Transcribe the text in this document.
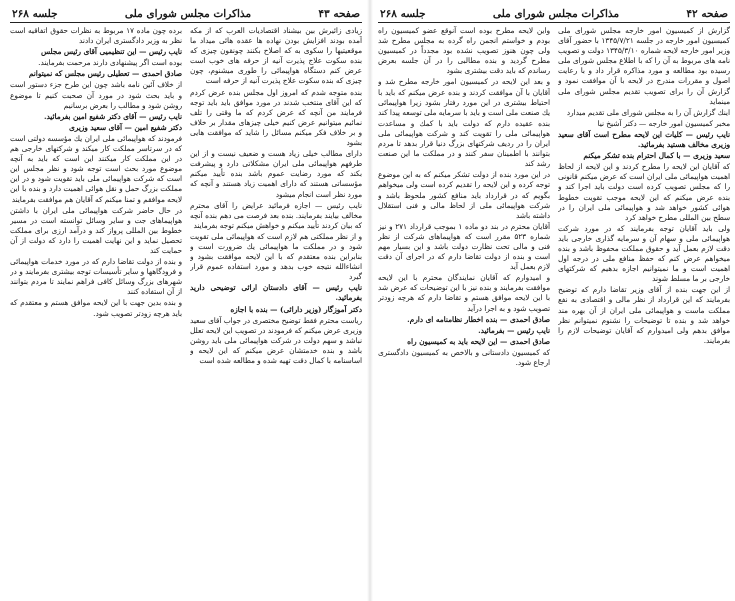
صفحه ۴۳
مذاكرات مجلس شوراى ملى
جلسه ۲۶۸

زيادى زائيرش بين بيشناد اقتصاديات العرب که از مکه آمده بودند افزايش بودن نهاده ها عقده هائی ميداد ما موقعيتيها را سکوى به که اصلاح بكنند چونقون چيزى که بنده سکوت علاج پذيرت آنيه از حرفه هاى خوب است عرض كنم دستگاه هواپيمائی را طورى ميشنوم، چون چيزى كه بنده سکوت علاج پذيرت آنيه از حرفه است

بنده متوجه شدم که امروز اول مجلس بنده عرض كردم که اين آقاى منتخب شدند در مورد موافق بايد بايد توجه فرمايند من آنچه که عرض كردم که ما وقتى را تلف نمائيم ميتوانيم عرض كنيم خيلى چيزهاى مقدار بر خلاف و بر خلاف فكر ميكنم مسائل را شايد که موافقت هايى بشود

داراى مطالب خيلى زياد هست و ضعيف نيست و از اين طرفهم هواپيمائى ملى ايران مشكلاتى دارد و پيشرفت بكند كه مورد رضايت عموم باشد بنده تأييد ميكنم مؤسساتى هستند كه داراى اهميت زياد هستند و آنچه كه مورد نظر است انجام ميشود

نايب رئيس — اجازه فرمائيد عرايض را آقاى محترم مخالف بيايند بفرمايند. بنده بعد فرصت مى دهم بنده آنچه كه بيان كردند تأييد ميكنم و خواهش ميكنم توجه بفرمايند

و از نظر مملكتى هم لازم است كه هواپيمائى ملى تقويت شود و در مملكت ما هواپيمائى يك ضرورت است و بنابراين بنده معتقدم كه با اين لايحه موافقت بشود و انشاءالله نتيجه خوب بدهد و مورد استفاده عموم قرار گيرد

نايب رئيس — آقاى دادستان ارائى توضيحى داريد بفرمائيد.

دكتر آموزگار (وزير دارائى) — بنده با اجازه

رياست محترم فقط توضيح مختصرى در جواب آقاى سعيد وزيرى عرض ميكنم كه فرمودند در تصويب اين لايحه تعلل نباشد و سهم دولت در شركت هواپيمائى ملى بايد روشن باشد و بنده خدمتشان عرض ميكنم كه اين لايحه و اساسنامه با كمال دقت تهيه شده و مطالعه شده است

برده چون ماده ۱۷ مربوط به نظرات حقوق اتفاقيه است نظر به وزير دادگسترى ايران دادند

نايب رئيس — اين تنظيميى آقاى رئيس مجلس

بوده است اگر پيشنهادى دارند مرحمت بفرمايند.

صادق احمدى — تعطيلى رئيس مجلس كه نميتوانم

از خلاف آئين نامه باشد چون اين طرح جزء دستور است و بايد بحث شود در مورد آن صحبت كنيم تا موضوع روشن شود و مطالب را بعرض برسانيم

نايب رئيس — آقاى دكتر شفيع امين بفرمائيد.

دكتر شفيع امين — آقاى سعيد وزيرى

فرمودند كه هواپيمائى ملى ايران يك مؤسسه دولتى است كه در سرتاسر مملكت كار ميكند و شركتهاى خارجى هم در اين مملكت كار ميكنند اين است كه بايد به آنچه موضوع مورد بحث است توجه شود و نظر مجلس اين است كه شركت هواپيمائى ملى بايد تقويت شود و در اين مملكت بزرگ حمل و نقل هوائى اهميت دارد و بنده با اين لايحه موافقم و تمنا ميكنم كه آقايان هم موافقت بفرمايند

در حال حاضر شركت هواپيمائى ملى ايران با داشتن هواپيماهاى جت و ساير وسائل توانسته است در مسير خطوط بين المللى پرواز كند و درآمد ارزى براى مملكت تحصيل نمايد و اين نهايت اهميت را دارد كه دولت از آن حمايت كند

و بنده از دولت تقاضا دارم كه در مورد خدمات هواپيمائى و فرودگاهها و ساير تأسيسات توجه بيشترى بفرمايند و در شهرهاى بزرگ وسائل كافى فراهم نمايند تا مردم بتوانند از آن استفاده كنند

و بنده بدين جهت با اين لايحه موافق هستم و معتقدم كه بايد هرچه زودتر تصويب شود.

صفحه ۴۲
مذاكرات مجلس شوراى ملى
جلسه ۲۶۸

گزارش از كميسيون امور خارجه مجلس شوراى ملى كميسيون امور خارجه در جلسه ۱۳۴۵/۷/۲۱ با حضور آقاى وزير امور خارجه لايحه شماره ۱۳۴۵/۳/۱۰ دولت و تصويب نامه هاى مربوط به آن را كه با اطلاع مجلس شوراى ملى رسيده بود مطالعه و مورد مذاكره قرار داد و با رعايت اصول و مقررات مندرج در لايحه با آن موافقت نمود و گزارش آن را براى تصويب تقديم مجلس شوراى ملى مينمايد

اينك گزارش آن را به مجلس شوراى ملى تقديم ميدارد

مخبر كميسيون امور خارجه — دكتر آشيخ نيا

نايب رئيس — كليات اين لايحه مطرح است آقاى سعيد وزيرى مخالف هستيد بفرمائيد.

سعيد وزيرى — با كمال احترام بنده تشكر ميكنم

كه آقايان اين لايحه را مطرح كردند و اين لايحه از لحاظ اهميت هواپيمائى ملى ايران است كه عرض ميكنم قانونى را كه مجلس تصويب كرده است دولت بايد اجرا كند و بنده عرض ميكنم كه اين لايحه موجب تقويت خطوط هوائى كشور خواهد شد و هواپيمائى ملى ايران را در سطح بين المللى مطرح خواهد كرد

ولى بايد آقايان توجه بفرمايند كه در مورد شركت هواپيمائى ملى و سهام آن و سرمايه گذارى خارجى بايد دقت لازم بعمل آيد و حقوق مملكت محفوظ باشد و بنده ميخواهم عرض كنم كه حفظ منافع ملى در درجه اول اهميت است و ما نميتوانيم اجازه بدهيم كه شركتهاى خارجى بر ما مسلط شوند

از اين جهت بنده از آقاى وزير تقاضا دارم كه توضيح بفرمايند كه اين قرارداد از نظر مالى و اقتصادى به نفع مملكت ماست و هواپيمائى ملى ايران از آن بهره مند خواهد شد و بنده تا توضيحات را نشنوم نميتوانم نظر موافق بدهم ولى اميدوارم كه آقايان توضيحات لازم را بفرمايند.

واين لايحه مطرح بوده است آنوقع عضو كميسيون راه بودم و خواستم انجمن راه گرده به مجلس مطرح شد ولى چون هنوز تصويب نشده بود مجدداً در كميسيون مطرح گرديد و بنده مطالبى را در آن جلسه بعرض رساندم كه بايد دقت بيشترى بشود

و بعد اين لايحه در كميسيون امور خارجه مطرح شد و آقايان با آن موافقت كردند و بنده عرض ميكنم كه بايد با احتياط بيشترى در اين مورد رفتار بشود زيرا هواپيمائى يك صنعت ملى است و بايد با سرمايه ملى توسعه پيدا كند

بنده عقيده دارم كه دولت بايد با كمك و مساعدت هواپيمائى ملى را تقويت كند و شركت هواپيمائى ملى ايران را در رديف شركتهاى بزرگ دنيا قرار بدهد تا مردم بتوانند با اطمينان سفر كنند و در مملكت ما اين صنعت رشد كند

در اين مورد بنده از دولت تشكر ميكنم كه به اين موضوع توجه كرده و اين لايحه را تقديم كرده است ولى ميخواهم بگويم كه در قرارداد بايد منافع كشور ملحوظ باشد و شركت هواپيمائى ملى از لحاظ مالى و فنى استقلال داشته باشد

آقايان محترم در بند دو ماده ۱ بموجب قرارداد ۲۷۱ و نيز شماره ۵۲۳ مقرر است كه هواپيماهاى شركت از نظر فنى و مالى تحت نظارت دولت باشد و اين بسيار مهم است و بنده از دولت تقاضا دارم كه در اجراى آن دقت لازم بعمل آيد

و اميدوارم كه آقايان نمايندگان محترم با اين لايحه موافقت بفرمايند و بنده نيز با اين توضيحات كه عرض شد با اين لايحه موافق هستم و تقاضا دارم كه هرچه زودتر تصويب شود و به اجرا درآيد

صادق احمدى — بنده اخطار نظامنامه اى دارم.

نايب رئيس — بفرمائيد.

صادق احمدى — اين لايحه بايد به كميسيون راه

كه كميسيون دادستانى و بالاخص به كميسيون دادگسترى ارجاع شود.
